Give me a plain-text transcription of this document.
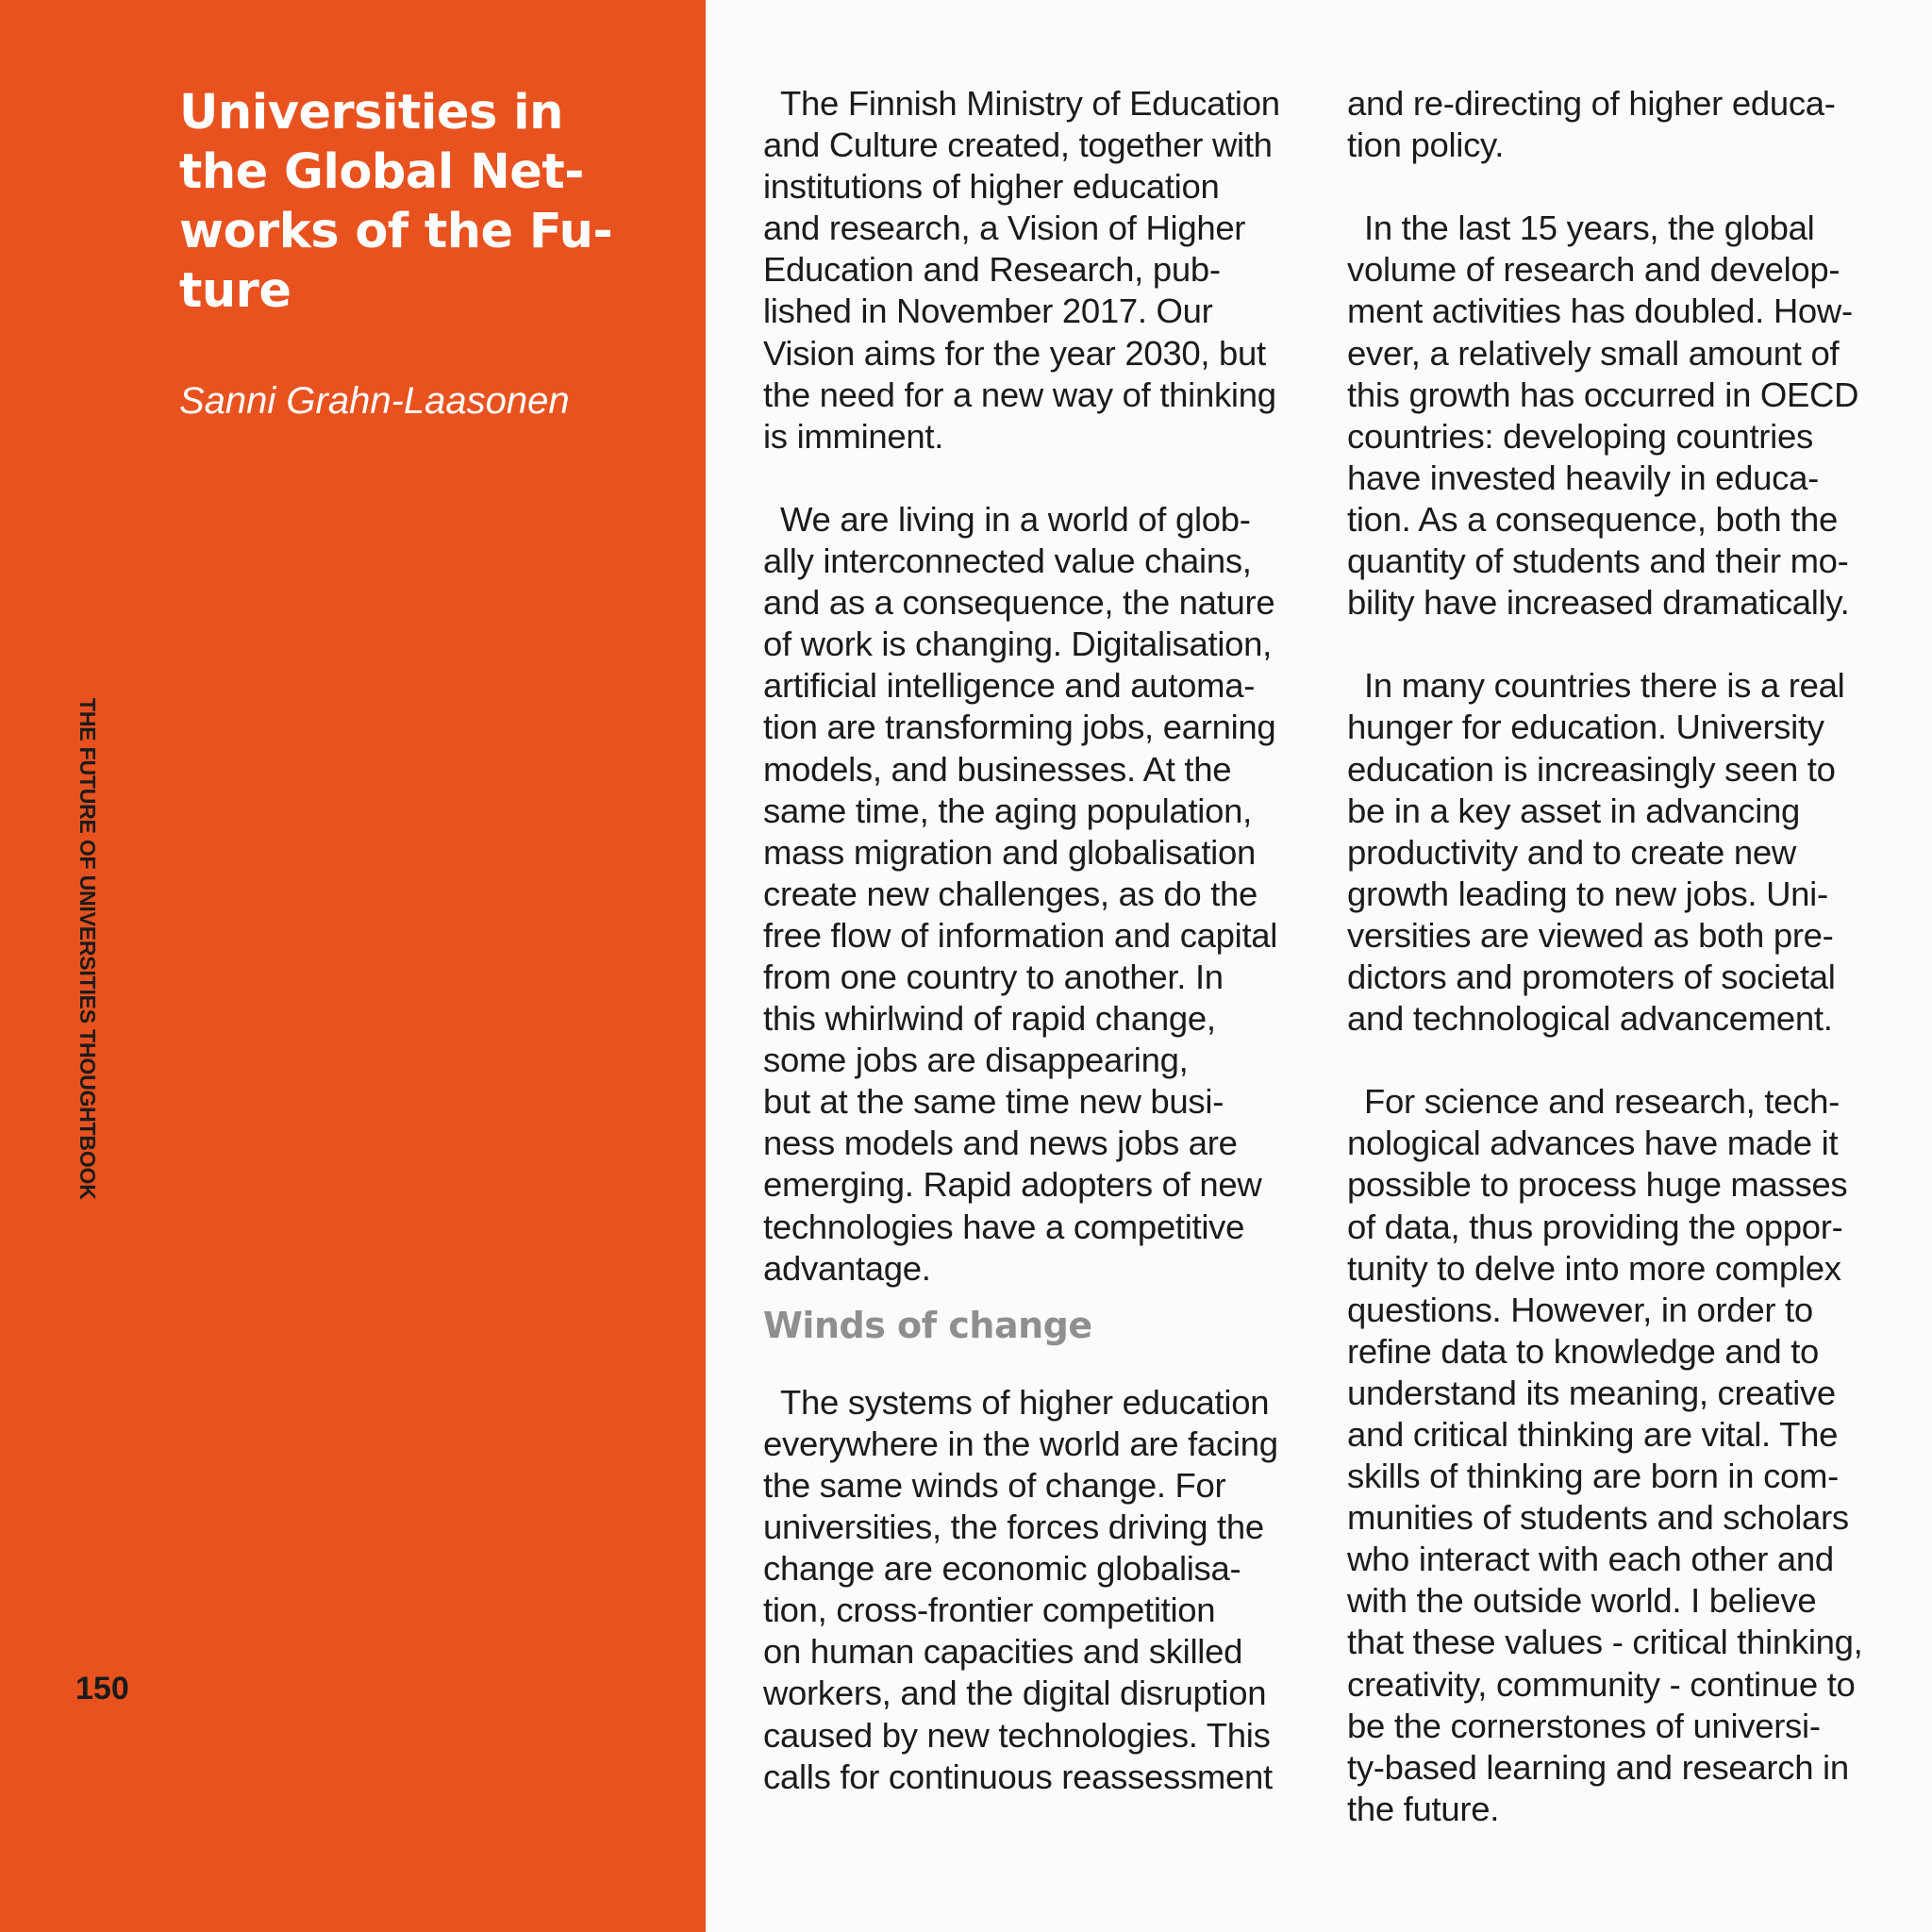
Universities in
the Global Net-
works of the Fu-
ture

Sanni Grahn-Laasonen

THE FUTURE OF UNIVERSITIES THOUGHTBOOK
150
The Finnish Ministry of Education
and Culture created, together with
institutions of higher education
and research, a Vision of Higher
Education and Research, pub-
lished in November 2017. Our
Vision aims for the year 2030, but
the need for a new way of thinking
is imminent.
We are living in a world of glob-
ally interconnected value chains,
and as a consequence, the nature
of work is changing. Digitalisation,
artificial intelligence and automa-
tion are transforming jobs, earning
models, and businesses. At the
same time, the aging population,
mass migration and globalisation
create new challenges, as do the
free flow of information and capital
from one country to another. In
this whirlwind of rapid change,
some jobs are disappearing,
but at the same time new busi-
ness models and news jobs are
emerging. Rapid adopters of new
technologies have a competitive
advantage.
Winds of change
The systems of higher education
everywhere in the world are facing
the same winds of change. For
universities, the forces driving the
change are economic globalisa-
tion, cross-frontier competition
on human capacities and skilled
workers, and the digital disruption
caused by new technologies. This
calls for continuous reassessment
and re-directing of higher educa-
tion policy.
In the last 15 years, the global
volume of research and develop-
ment activities has doubled. How-
ever, a relatively small amount of
this growth has occurred in OECD
countries: developing countries
have invested heavily in educa-
tion. As a consequence, both the
quantity of students and their mo-
bility have increased dramatically.
In many countries there is a real
hunger for education. University
education is increasingly seen to
be in a key asset in advancing
productivity and to create new
growth leading to new jobs. Uni-
versities are viewed as both pre-
dictors and promoters of societal
and technological advancement.
For science and research, tech-
nological advances have made it
possible to process huge masses
of data, thus providing the oppor-
tunity to delve into more complex
questions. However, in order to
refine data to knowledge and to
understand its meaning, creative
and critical thinking are vital. The
skills of thinking are born in com-
munities of students and scholars
who interact with each other and
with the outside world. I believe
that these values - critical thinking,
creativity, community - continue to
be the cornerstones of universi-
ty-based learning and research in
the future.
